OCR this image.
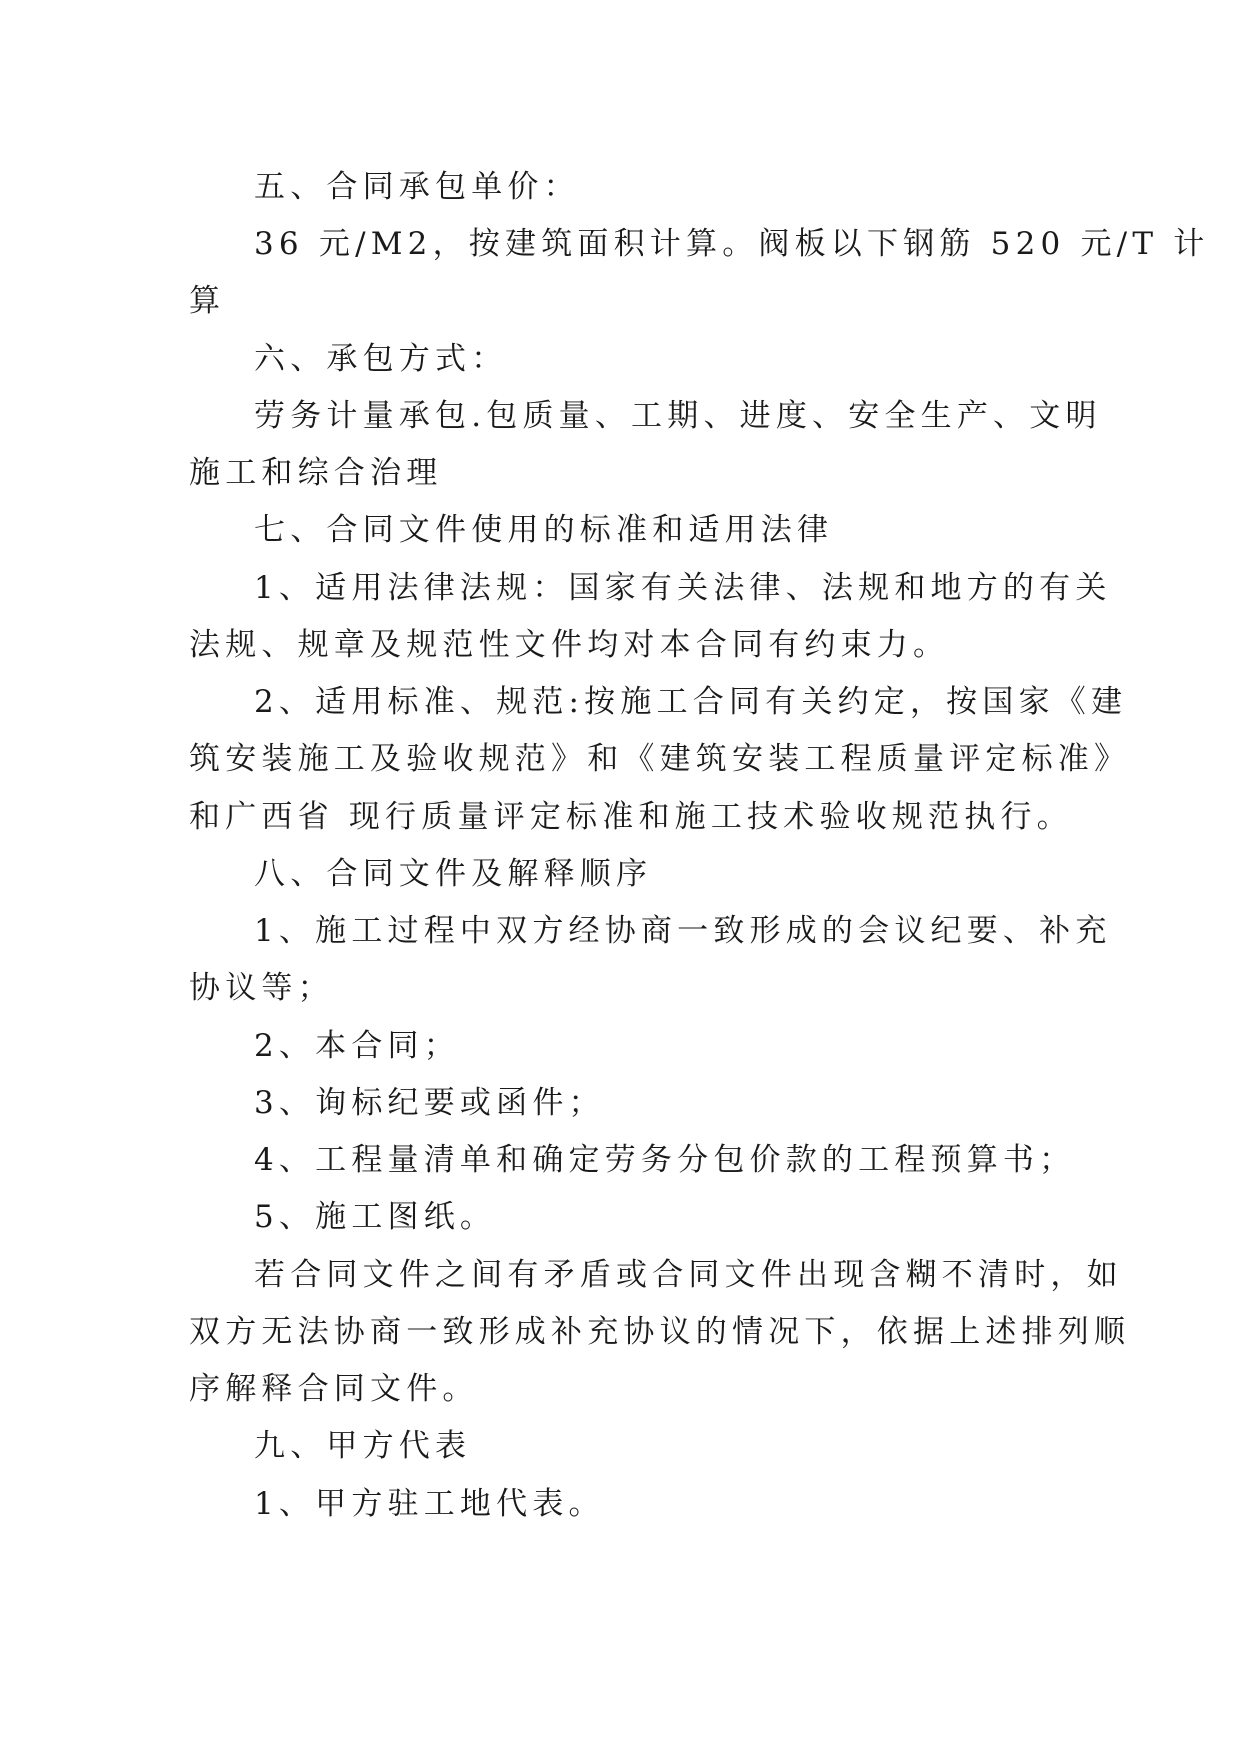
五、合同承包单价：
36 元/M2，按建筑面积计算。阀板以下钢筋 520 元/T 计
算
六、承包方式：
劳务计量承包.包质量、工期、进度、安全生产、文明
施工和综合治理
七、合同文件使用的标准和适用法律
1、适用法律法规：国家有关法律、法规和地方的有关
法规、规章及规范性文件均对本合同有约束力。
2、适用标准、规范:按施工合同有关约定，按国家《建
筑安装施工及验收规范》和《建筑安装工程质量评定标准》
和广西省 现行质量评定标准和施工技术验收规范执行。
八、合同文件及解释顺序
1、施工过程中双方经协商一致形成的会议纪要、补充
协议等；
2、本合同；
3、询标纪要或函件；
4、工程量清单和确定劳务分包价款的工程预算书；
5、施工图纸。
若合同文件之间有矛盾或合同文件出现含糊不清时，如
双方无法协商一致形成补充协议的情况下，依据上述排列顺
序解释合同文件。
九、甲方代表
1、甲方驻工地代表。
